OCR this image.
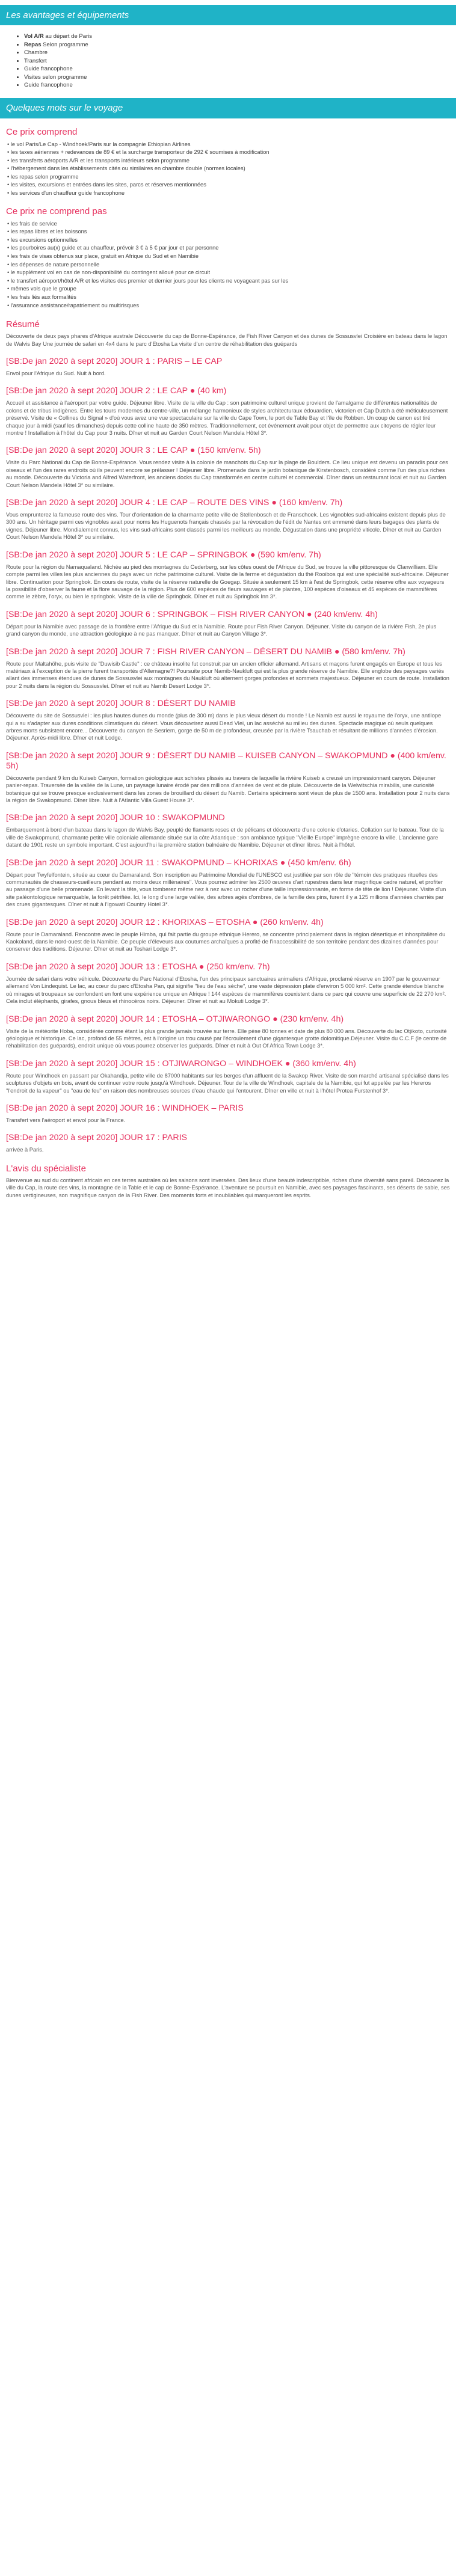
Les avantages et équipements
• Vol A/R au départ de Paris
• Repas Selon programme
• Chambre
• Transfert
• Guide francophone
• Visites selon programme
• Guide francophone
Quelques mots sur le voyage
Ce prix comprend
• le vol Paris/Le Cap - Windhoek/Paris sur la compagnie Ethiopian Airlines
• les taxes aériennes + redevances de 89 € et la surcharge transporteur de 292 € soumises à modification
• les transferts aéroports A/R et les transports intérieurs selon programme
• l'hébergement dans les établissements cités ou similaires en chambre double (normes locales)
• les repas selon programme
• les visites, excursions et entrées dans les sites, parcs et réserves mentionnées
• les services d'un chauffeur guide francophone
Ce prix ne comprend pas
• les frais de service
• les repas libres et les boissons
• les excursions optionnelles
• les pourboires au(x) guide et au chauffeur, prévoir 3 € à 5 € par jour et par personne
• les frais de visas obtenus sur place, gratuit en Afrique du Sud et en Namibie
• les dépenses de nature personnelle
• le supplément vol en cas de non-disponibilité du contingent alloué pour ce circuit
• le transfert aéroport/hôtel A/R et les visites des premier et dernier jours pour les clients ne voyageant pas sur les
• mêmes vols que le groupe
• les frais liés aux formalités
• l'assurance assistance/rapatriement ou multirisques
Résumé
Découverte de deux pays phares d'Afrique australe Découverte du cap de Bonne-Espérance, de Fish River Canyon et des dunes de Sossusvlei Croisière en bateau dans le lagon de Walvis Bay Une journée de safari en 4x4 dans le parc d'Etosha La visite d'un centre de réhabilitation des guépards
[SB:De jan 2020 à sept 2020] JOUR 1 : PARIS – LE CAP
Envol pour l'Afrique du Sud. Nuit à bord.
[SB:De jan 2020 à sept 2020] JOUR 2 : LE CAP ● (40 km)
Accueil et assistance à l'aéroport par votre guide. Déjeuner libre. Visite de la ville du Cap : son patrimoine culturel unique provient de l'amalgame de différentes nationalités de colons et de tribus indigènes. Entre les tours modernes du centre-ville, un mélange harmonieux de styles architecturaux édouardien, victorien et Cap Dutch a été méticuleusement préservé. Visite de « Collines du Signal » d'où vous avez une vue spectaculaire sur la ville du Cape Town, le port de Table Bay et l'île de Robben. Un coup de canon est tiré chaque jour à midi (sauf les dimanches) depuis cette colline haute de 350 mètres. Traditionnellement, cet événement avait pour objet de permettre aux citoyens de régler leur montre ! Installation à l'hôtel du Cap pour 3 nuits. Dîner et nuit au Garden Court Nelson Mandela Hôtel 3*.
[SB:De jan 2020 à sept 2020] JOUR 3 : LE CAP ● (150 km/env. 5h)
Visite du Parc National du Cap de Bonne-Espérance. Vous rendez visite à la colonie de manchots du Cap sur la plage de Boulders. Ce lieu unique est devenu un paradis pour ces oiseaux et l'un des rares endroits où ils peuvent encore se prélasser ! Déjeuner libre. Promenade dans le jardin botanique de Kirstenbosch, considéré comme l'un des plus riches au monde. Découverte du Victoria and Alfred Waterfront, les anciens docks du Cap transformés en centre culturel et commercial. Dîner dans un restaurant local et nuit au Garden Court Nelson Mandela Hôtel 3* ou similaire.
[SB:De jan 2020 à sept 2020] JOUR 4 : LE CAP – ROUTE DES VINS ● (160 km/env. 7h)
Vous emprunterez la fameuse route des vins. Tour d'orientation de la charmante petite ville de Stellenbosch et de Franschoek. Les vignobles sud-africains existent depuis plus de 300 ans. Un héritage parmi ces vignobles avait pour noms les Huguenots français chassés par la révocation de l'édit de Nantes ont emmené dans leurs bagages des plants de vignes. Déjeuner libre. Mondialement connus, les vins sud-africains sont classés parmi les meilleurs au monde. Dégustation dans une propriété viticole. Dîner et nuit au Garden Court Nelson Mandela Hôtel 3* ou similaire.
[SB:De jan 2020 à sept 2020] JOUR 5 : LE CAP – SPRINGBOK ● (590 km/env. 7h)
Route pour la région du Namaqualand. Nichée au pied des montagnes du Cederberg, sur les côtes ouest de l'Afrique du Sud, se trouve la ville pittoresque de Clanwilliam. Elle compte parmi les villes les plus anciennes du pays avec un riche patrimoine culturel. Visite de la ferme et dégustation du thé Rooibos qui est une spécialité sud-africaine. Déjeuner libre. Continuation pour Springbok. En cours de route, visite de la réserve naturelle de Goegap. Située à seulement 15 km à l'est de Springbok, cette réserve offre aux voyageurs la possibilité d'observer la faune et la flore sauvage de la région. Plus de 600 espèces de fleurs sauvages et de plantes, 100 espèces d'oiseaux et 45 espèces de mammifères comme le zèbre, l'oryx, ou bien le springbok. Visite de la ville de Springbok. Dîner et nuit au Springbok Inn 3*.
[SB:De jan 2020 à sept 2020] JOUR 6 : SPRINGBOK – FISH RIVER CANYON ● (240 km/env. 4h)
Départ pour la Namibie avec passage de la frontière entre l'Afrique du Sud et la Namibie. Route pour Fish River Canyon. Déjeuner. Visite du canyon de la rivière Fish, 2e plus grand canyon du monde, une attraction géologique à ne pas manquer. Dîner et nuit au Canyon Village 3*.
[SB:De jan 2020 à sept 2020] JOUR 7 : FISH RIVER CANYON – DÉSERT DU NAMIB ● (580 km/env. 7h)
Route pour Maltahöhe, puis visite de "Duwisib Castle" : ce château insolite fut construit par un ancien officier allemand. Artisans et maçons furent engagés en Europe et tous les matériaux à l'exception de la pierre furent transportés d'Allemagne?! Poursuite pour Namib-Naukluft qui est la plus grande réserve de Namibie. Elle englobe des paysages variés allant des immenses étendues de dunes de Sossusvlei aux montagnes du Naukluft où alternent gorges profondes et sommets majestueux. Déjeuner en cours de route. Installation pour 2 nuits dans la région du Sossusvlei. Dîner et nuit au Namib Desert Lodge 3*.
[SB:De jan 2020 à sept 2020] JOUR 8 : DÉSERT DU NAMIB
Découverte du site de Sossusvlei : les plus hautes dunes du monde (plus de 300 m) dans le plus vieux désert du monde ! Le Namib est aussi le royaume de l'oryx, une antilope qui a su s'adapter aux dures conditions climatiques du désert. Vous découvrirez aussi Dead Vlei, un lac asséché au milieu des dunes. Spectacle magique où seuls quelques arbres morts subsistent encore... Découverte du canyon de Sesriem, gorge de 50 m de profondeur, creusée par la rivière Tsauchab et résultant de millions d'années d'érosion. Déjeuner. Après-midi libre. Dîner et nuit Lodge.
[SB:De jan 2020 à sept 2020] JOUR 9 : DÉSERT DU NAMIB – KUISEB CANYON – SWAKOPMUND ● (400 km/env. 5h)
Découverte pendant 9 km du Kuiseb Canyon, formation géologique aux schistes plissés au travers de laquelle la rivière Kuiseb a creusé un impressionnant canyon. Déjeuner panier-repas. Traversée de la vallée de la Lune, un paysage lunaire érodé par des millions d'années de vent et de pluie. Découverte de la Welwitschia mirabilis, une curiosité botanique qui se trouve presque exclusivement dans les zones de brouillard du désert du Namib. Certains spécimens sont vieux de plus de 1500 ans. Installation pour 2 nuits dans la région de Swakopmund. Dîner libre. Nuit à l'Atlantic Villa Guest House 3*.
[SB:De jan 2020 à sept 2020] JOUR 10 : SWAKOPMUND
Embarquement à bord d'un bateau dans le lagon de Walvis Bay, peuplé de flamants roses et de pélicans et découverte d'une colonie d'otaries. Collation sur le bateau. Tour de la ville de Swakopmund, charmante petite ville coloniale allemande située sur la côte Atlantique : son ambiance typique "Vieille Europe" imprègne encore la ville. L'ancienne gare datant de 1901 reste un symbole important. C'est aujourd'hui la première station balnéaire de Namibie. Déjeuner et dîner libres. Nuit à l'hôtel.
[SB:De jan 2020 à sept 2020] JOUR 11 : SWAKOPMUND – KHORIXAS ● (450 km/env. 6h)
Départ pour Twyfelfontein, située au cœur du Damaraland. Son inscription au Patrimoine Mondial de l'UNESCO est justifiée par son rôle de "témoin des pratiques rituelles des communautés de chasseurs-cueilleurs pendant au moins deux millénaires". Vous pourrez admirer les 2500 œuvres d'art rupestres dans leur magnifique cadre naturel, et profiter au passage d'une belle promenade. En levant la tête, vous tomberez même nez à nez avec un rocher d'une taille impressionnante, en forme de tête de lion ! Déjeuner. Visite d'un site paléontologique remarquable, la forêt pétrifiée. Ici, le long d'une large vallée, des arbres agés d'ombres, de la famille des pins, furent il y a 125 millions d'années charriés par des crues gigantesques. Dîner et nuit à l'Igowati Country Hotel 3*.
[SB:De jan 2020 à sept 2020] JOUR 12 : KHORIXAS – ETOSHA ● (260 km/env. 4h)
Route pour le Damaraland. Rencontre avec le peuple Himba, qui fait partie du groupe ethnique Herero, se concentre principalement dans la région désertique et inhospitalière du Kaokoland, dans le nord-ouest de la Namibie. Ce peuple d'éleveurs aux coutumes archaïques a profité de l'inaccessibilité de son territoire pendant des dizaines d'années pour conserver des traditions. Déjeuner. Dîner et nuit au Toshari Lodge 3*.
[SB:De jan 2020 à sept 2020] JOUR 13 : ETOSHA ● (250 km/env. 7h)
Journée de safari dans votre véhicule. Découverte du Parc National d'Etosha, l'un des principaux sanctuaires animaliers d'Afrique, proclamé réserve en 1907 par le gouverneur allemand Von Lindequist. Le lac, au cœur du parc d'Etosha Pan, qui signifie "lieu de l'eau sèche", une vaste dépression plate d'environ 5 000 km². Cette grande étendue blanche où mirages et troupeaux se confondent en font une expérience unique en Afrique ! 144 espèces de mammifères coexistent dans ce parc qui couvre une superficie de 22 270 km². Cela inclut éléphants, girafes, gnous bleus et rhinocéros noirs. Déjeuner. Dîner et nuit au Mokuti Lodge 3*.
[SB:De jan 2020 à sept 2020] JOUR 14 : ETOSHA – OTJIWARONGO ● (230 km/env. 4h)
Visite de la météorite Hoba, considérée comme étant la plus grande jamais trouvée sur terre. Elle pèse 80 tonnes et date de plus 80 000 ans. Découverte du lac Otjikoto, curiosité géologique et historique. Ce lac, profond de 55 mètres, est à l'origine un trou causé par l'écroulement d'une gigantesque grotte dolomitique.Déjeuner. Visite du C.C.F (le centre de réhabilitation des guépards), endroit unique où vous pourrez observer les guépards. Dîner et nuit à Out Of Africa Town Lodge 3*.
[SB:De jan 2020 à sept 2020] JOUR 15 : OTJIWARONGO – WINDHOEK ● (360 km/env. 4h)
Route pour Windhoek en passant par Okahandja, petite ville de 87000 habitants sur les berges d'un affluent de la Swakop River. Visite de son marché artisanal spécialisé dans les sculptures d'objets en bois, avant de continuer votre route jusqu'à Windhoek. Déjeuner. Tour de la ville de Windhoek, capitale de la Namibie, qui fut appelée par les Hereros "l'endroit de la vapeur" ou "eau de feu" en raison des nombreuses sources d'eau chaude qui l'entourent. Dîner en ville et nuit à l'hôtel Protea Furstenhof 3*.
[SB:De jan 2020 à sept 2020] JOUR 16 : WINDHOEK – PARIS
Transfert vers l'aéroport et envol pour la France.
[SB:De jan 2020 à sept 2020] JOUR 17 : PARIS
arrivée à Paris.
L'avis du spécialiste
Bienvenue au sud du continent africain en ces terres australes où les saisons sont inversées. Des lieux d'une beauté indescriptible, riches d'une diversité sans pareil. Découvrez la ville du Cap, la route des vins, la montagne de la Table et le cap de Bonne-Espérance. L'aventure se poursuit en Namibie, avec ses paysages fascinants, ses déserts de sable, ses dunes vertigineuses, son magnifique canyon de la Fish River. Des moments forts et inoubliables qui marqueront les esprits.
